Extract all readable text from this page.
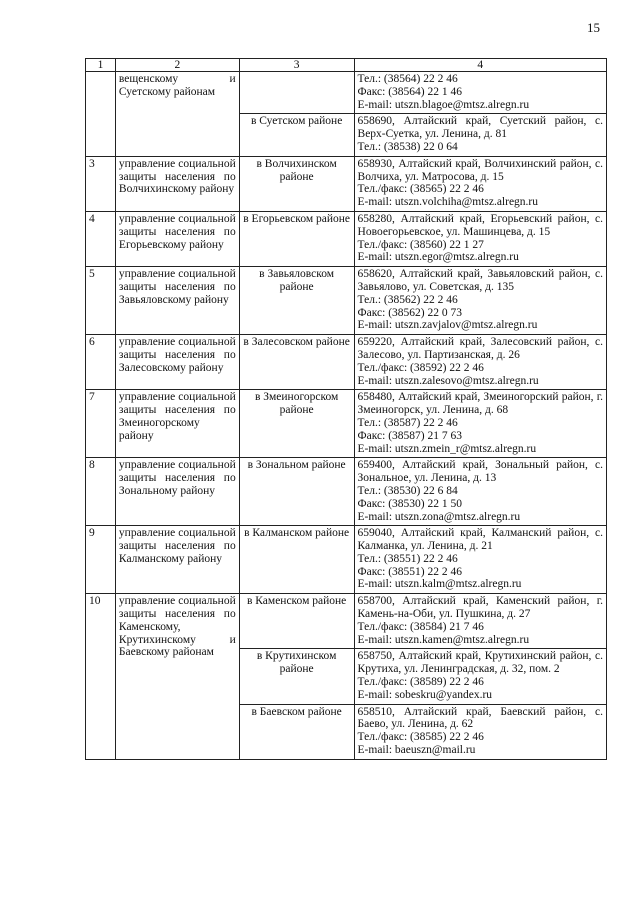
15
1	2	3	4
	вещенскому и Суетскому районам		Тел.: (38564) 22 2 46
Факс: (38564) 22 1 46
E-mail: utszn.blagoe@mtsz.alregn.ru

		в Суетском районе	658690, Алтайский край, Суетский район, с. Верх-Суетка, ул. Ленина, д. 81
Тел.: (38538) 22 0 64

3	управление социальной защиты населения по Волчихинскому району	в Волчихинском районе	658930, Алтайский край, Волчихинский район, с. Волчиха, ул. Матросова, д. 15
Тел./факс: (38565) 22 2 46
E-mail: utszn.volchiha@mtsz.alregn.ru

4	управление социальной защиты населения по Егорьевскому району	в Егорьевском районе	658280, Алтайский край, Егорьевский район, с. Новоегорьевское, ул. Машинцева, д. 15
Тел./факс: (38560) 22 1 27
E-mail: utszn.egor@mtsz.alregn.ru

5	управление социальной защиты населения по Завьяловскому району	в Завьяловском районе	658620, Алтайский край, Завьяловский район, с. Завьялово, ул. Советская, д. 135
Тел.: (38562) 22 2 46
Факс: (38562) 22 0 73
E-mail: utszn.zavjalov@mtsz.alregn.ru

6	управление социальной защиты населения по Залесовскому району	в Залесовском районе	659220, Алтайский край, Залесовский район, с. Залесово, ул. Партизанская, д. 26
Тел./факс: (38592) 22 2 46
E-mail: utszn.zalesovo@mtsz.alregn.ru

7	управление социальной защиты населения по Змеиногорскому району	в Змеиногорском районе	658480, Алтайский край, Змеиногорский район, г. Змеиногорск, ул. Ленина, д. 68
Тел.: (38587) 22 2 46
Факс: (38587) 21 7 63
E-mail: utszn.zmein_r@mtsz.alregn.ru

8	управление социальной защиты населения по Зональному району	в Зональном районе	659400, Алтайский край, Зональный район, с. Зональное, ул. Ленина, д. 13
Тел.: (38530) 22 6 84
Факс: (38530) 22 1 50
E-mail: utszn.zona@mtsz.alregn.ru

9	управление социальной защиты населения по Калманскому району	в Калманском районе	659040, Алтайский край, Калманский район, с. Калманка, ул. Ленина, д. 21
Тел.: (38551) 22 2 46
Факс: (38551) 22 2 46
E-mail: utszn.kalm@mtsz.alregn.ru

10	управление социальной защиты населения по Каменскому, Крутихинскому и Баевскому районам	в Каменском районе	658700, Алтайский край, Каменский район, г. Камень-на-Оби, ул. Пушкина, д. 27
Тел./факс: (38584) 21 7 46
E-mail: utszn.kamen@mtsz.alregn.ru

		в Крутихинском районе	658750, Алтайский край, Крутихинский район, с. Крутиха, ул. Ленинградская, д. 32, пом. 2
Тел./факс: (38589) 22 2 46
E-mail: sobeskru@yandex.ru

		в Баевском районе	658510, Алтайский край, Баевский район, с. Баево, ул. Ленина, д. 62
Тел./факс: (38585) 22 2 46
E-mail: baeuszn@mail.ru
